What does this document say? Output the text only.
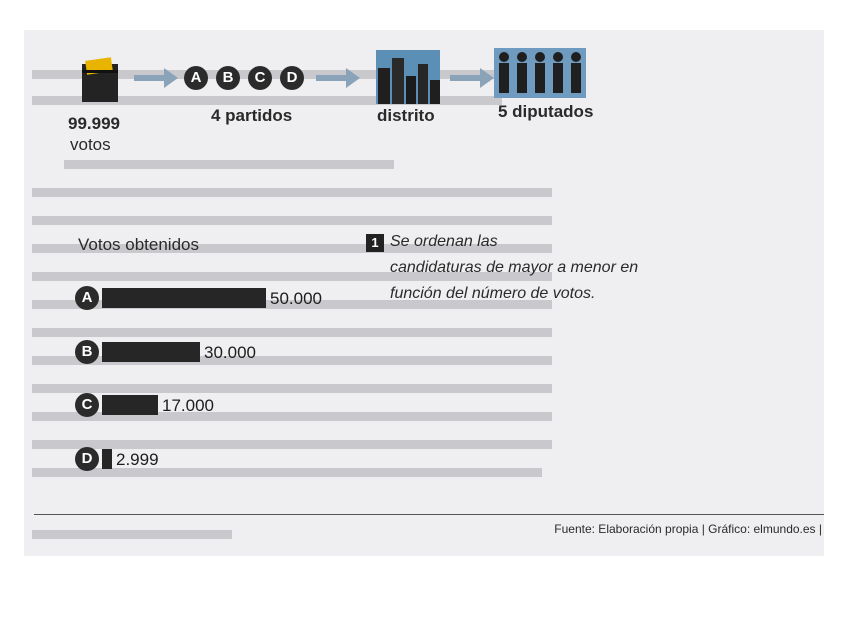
99.999
votos
A	B	C	D
4 partidos	distrito	5 diputados
Votos obtenidos
A	50.000
B	30.000
C	17.000
D	2.999
1 Se ordenan las
candidaturas de mayor a menor en
función del número de votos.
Fuente: Elaboración propia | Gráfico: elmundo.es |
